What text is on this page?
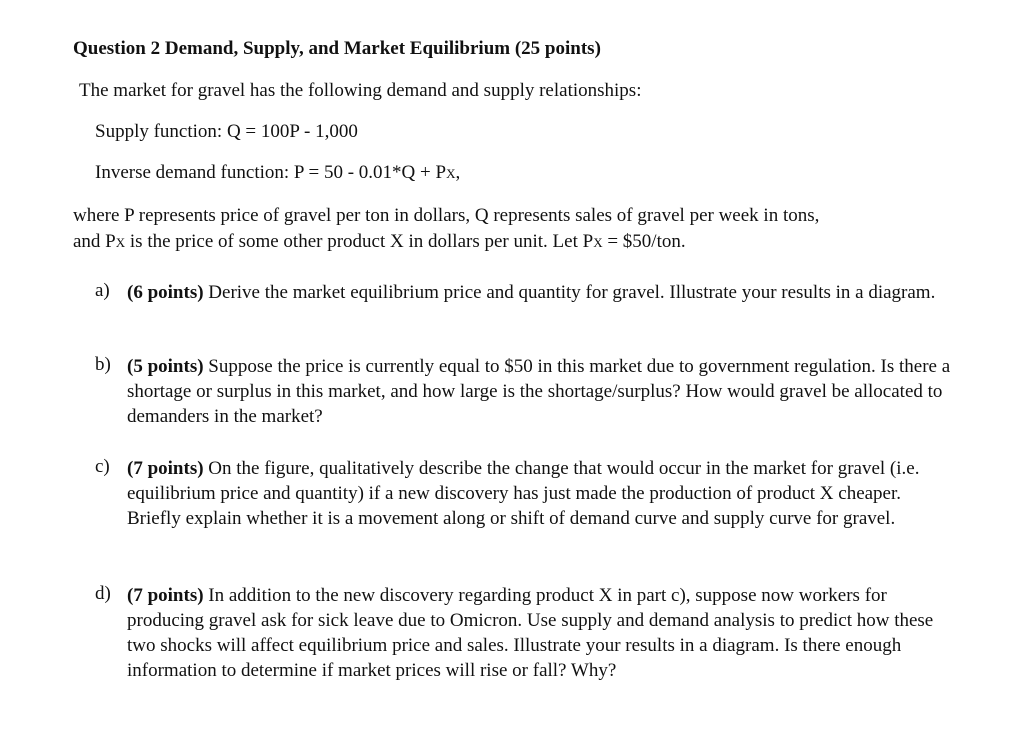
Question 2 Demand, Supply, and Market Equilibrium (25 points)
The market for gravel has the following demand and supply relationships:
Supply function: Q = 100P - 1,000
Inverse demand function: P = 50 - 0.01*Q + PX,
where P represents price of gravel per ton in dollars, Q represents sales of gravel per week in tons,
and PX is the price of some other product X in dollars per unit. Let PX = $50/ton.
a) (6 points) Derive the market equilibrium price and quantity for gravel. Illustrate your results in a diagram.
b) (5 points) Suppose the price is currently equal to $50 in this market due to government regulation. Is there a shortage or surplus in this market, and how large is the shortage/surplus? How would gravel be allocated to demanders in the market?
c) (7 points) On the figure, qualitatively describe the change that would occur in the market for gravel (i.e. equilibrium price and quantity) if a new discovery has just made the production of product X cheaper. Briefly explain whether it is a movement along or shift of demand curve and supply curve for gravel.
d) (7 points) In addition to the new discovery regarding product X in part c), suppose now workers for producing gravel ask for sick leave due to Omicron. Use supply and demand analysis to predict how these two shocks will affect equilibrium price and sales. Illustrate your results in a diagram. Is there enough information to determine if market prices will rise or fall? Why?
